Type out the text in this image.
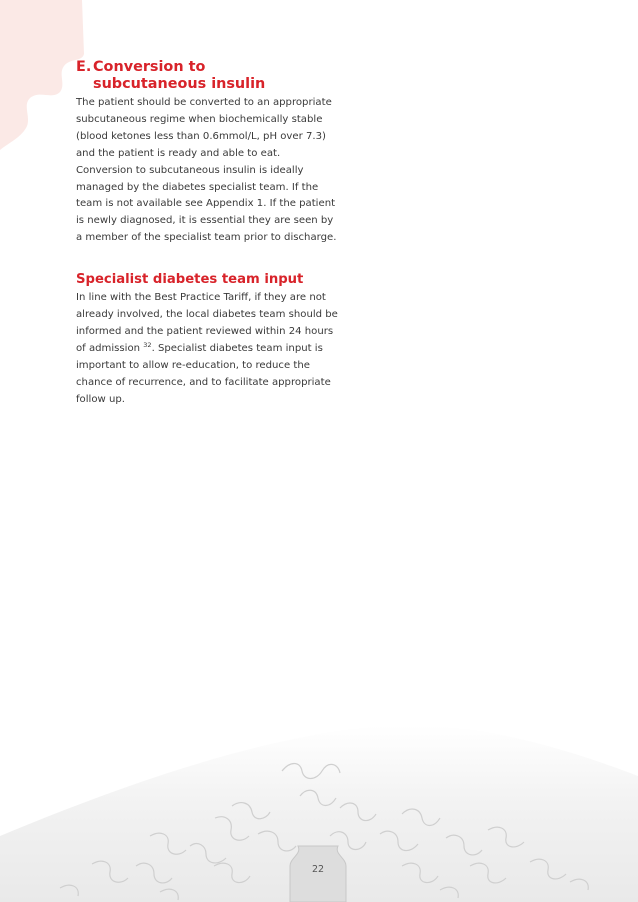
E. Conversion to subcutaneous insulin

The patient should be converted to an appropriate
subcutaneous regime when biochemically stable
(blood ketones less than 0.6mmol/L, pH over 7.3)
and the patient is ready and able to eat.
Conversion to subcutaneous insulin is ideally
managed by the diabetes specialist team. If the
team is not available see Appendix 1. If the patient
is newly diagnosed, it is essential they are seen by
a member of the specialist team prior to discharge.

Specialist diabetes team input

In line with the Best Practice Tariff, if they are not
already involved, the local diabetes team should be
informed and the patient reviewed within 24 hours
of admission $^{32}$. Specialist diabetes team input is
important to allow re-education, to reduce the
chance of recurrence, and to facilitate appropriate
follow up.

22
